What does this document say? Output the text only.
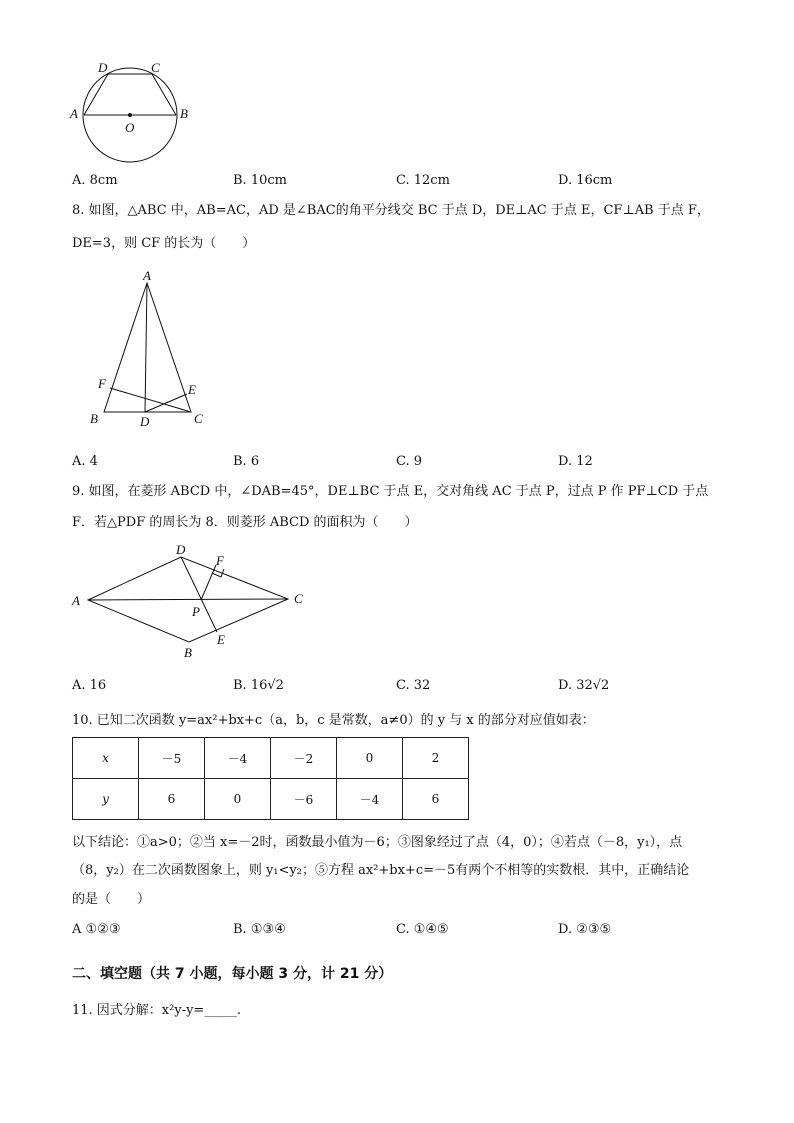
A	B
C
D
O
A
B	C
D
E
F
A
B
C
D
E
F
P
A. 8cm	B. 10cm	C. 12cm	D. 16cm
8. 如图，△ABC 中，AB=AC，AD 是∠BAC的角平分线交 BC 于点 D，DE⊥AC 于点 E，CF⊥AB 于点 F，
DE=3，则 CF 的长为（　　）
A. 4	B. 6	C. 9	D. 12
9. 如图，在菱形 ABCD 中，∠DAB=45°，DE⊥BC 于点 E，交对角线 AC 于点 P，过点 P 作 PF⊥CD 于点
F．若△PDF 的周长为 8．则菱形 ABCD 的面积为（　　）
A. 16	B. 16√2	C. 32	D. 32√2
10. 已知二次函数 y=ax²+bx+c（a，b，c 是常数，a≠0）的 y 与 x 的部分对应值如表：
x	－5	－4	－2	0	2
y	6	0	－6	－4	6
以下结论：①a>0；②当 x=－2时，函数最小值为－6；③图象经过了点（4，0）；④若点（－8，y₁），点
（8，y₂）在二次函数图象上，则 y₁<y₂；⑤方程 ax²+bx+c=－5有两个不相等的实数根．其中，正确结论
的是（　　）
A ①②③	B. ①③④	C. ①④⑤	D. ②③⑤
二、填空题（共 7 小题，每小题 3 分，计 21 分）
11. 因式分解：x²y-y=_____.
